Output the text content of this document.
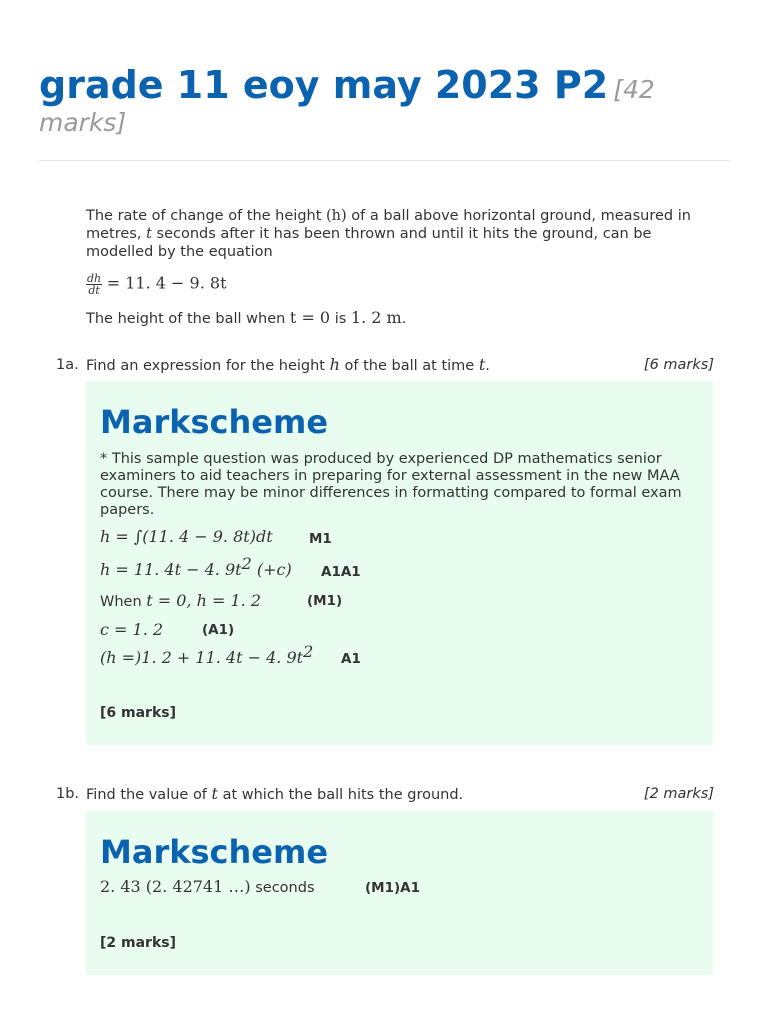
grade 11 eoy may 2023 P2 [42 marks]
The rate of change of the height (h) of a ball above horizontal ground, measured in metres, t seconds after it has been thrown and until it hits the ground, can be modelled by the equation
$\frac{dh}{dt} = 11$. 4 − 9. 8t
The height of the ball when t = 0 is 1. 2 m.
1a. Find an expression for the height h of the ball at time t.	[6 marks]
Markscheme
* This sample question was produced by experienced DP mathematics senior examiners to aid teachers in preparing for external assessment in the new MAA course. There may be minor differences in formatting compared to formal exam papers.
h = ∫(11. 4 − 9. 8t)dt	M1
h = 11. 4t − 4. $9t^2$ (+c) A1A1
When t = 0, h = 1. 2	(M1)
c = 1. 2	(A1)
(h =)1. 2 + 11. 4t − 4. $9t^2$ A1
[6 marks]
1b. Find the value of t at which the ball hits the ground.	[2 marks]
Markscheme
2. 43 (2. 42741 …) seconds	(M1)A1
[2 marks]
